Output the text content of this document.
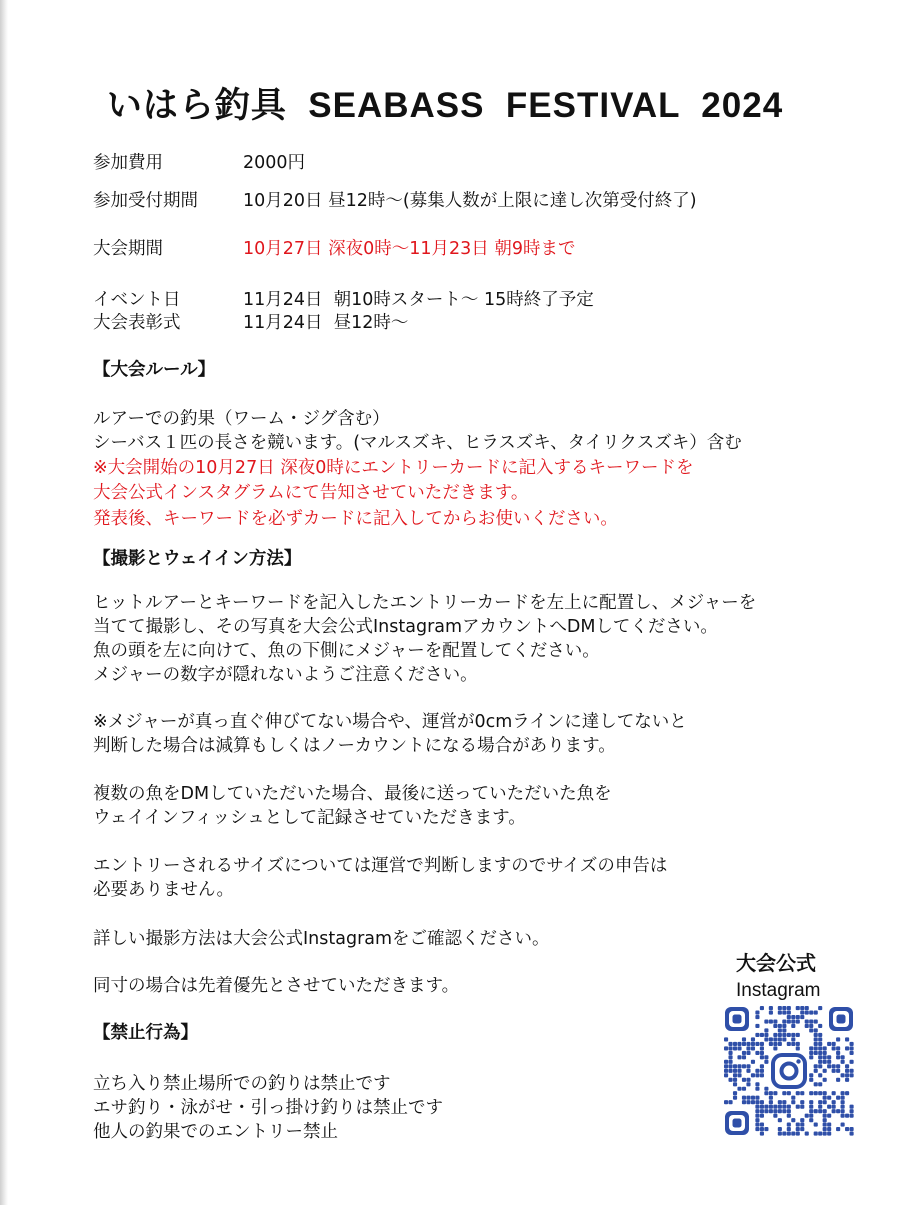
いはら釣具  SEABASS  FESTIVAL  2024
参加費用	2000円
参加受付期間	10月20日 昼12時～(募集人数が上限に達し次第受付終了)
大会期間	10月27日 深夜0時～11月23日 朝9時まで
イベント日	11月24日  朝10時スタート～ 15時終了予定
大会表彰式	11月24日  昼12時～
【大会ルール】
ルアーでの釣果（ワーム・ジグ含む）
シーバス１匹の長さを競います。(マルスズキ、ヒラスズキ、タイリクスズキ）含む
※大会開始の10月27日 深夜0時にエントリーカードに記入するキーワードを
大会公式インスタグラムにて告知させていただきます。
発表後、キーワードを必ずカードに記入してからお使いください。
【撮影とウェイイン方法】
ヒットルアーとキーワードを記入したエントリーカードを左上に配置し、メジャーを
当てて撮影し、その写真を大会公式InstagramアカウントへDMしてください。
魚の頭を左に向けて、魚の下側にメジャーを配置してください。
メジャーの数字が隠れないようご注意ください。
※メジャーが真っ直ぐ伸びてない場合や、運営が0cmラインに達してないと
判断した場合は減算もしくはノーカウントになる場合があります。
複数の魚をDMしていただいた場合、最後に送っていただいた魚を
ウェイインフィッシュとして記録させていただきます。
エントリーされるサイズについては運営で判断しますのでサイズの申告は
必要ありません。
詳しい撮影方法は大会公式Instagramをご確認ください。
同寸の場合は先着優先とさせていただきます。
【禁止行為】
立ち入り禁止場所での釣りは禁止です
エサ釣り・泳がせ・引っ掛け釣りは禁止です
他人の釣果でのエントリー禁止
大会公式
Instagram
